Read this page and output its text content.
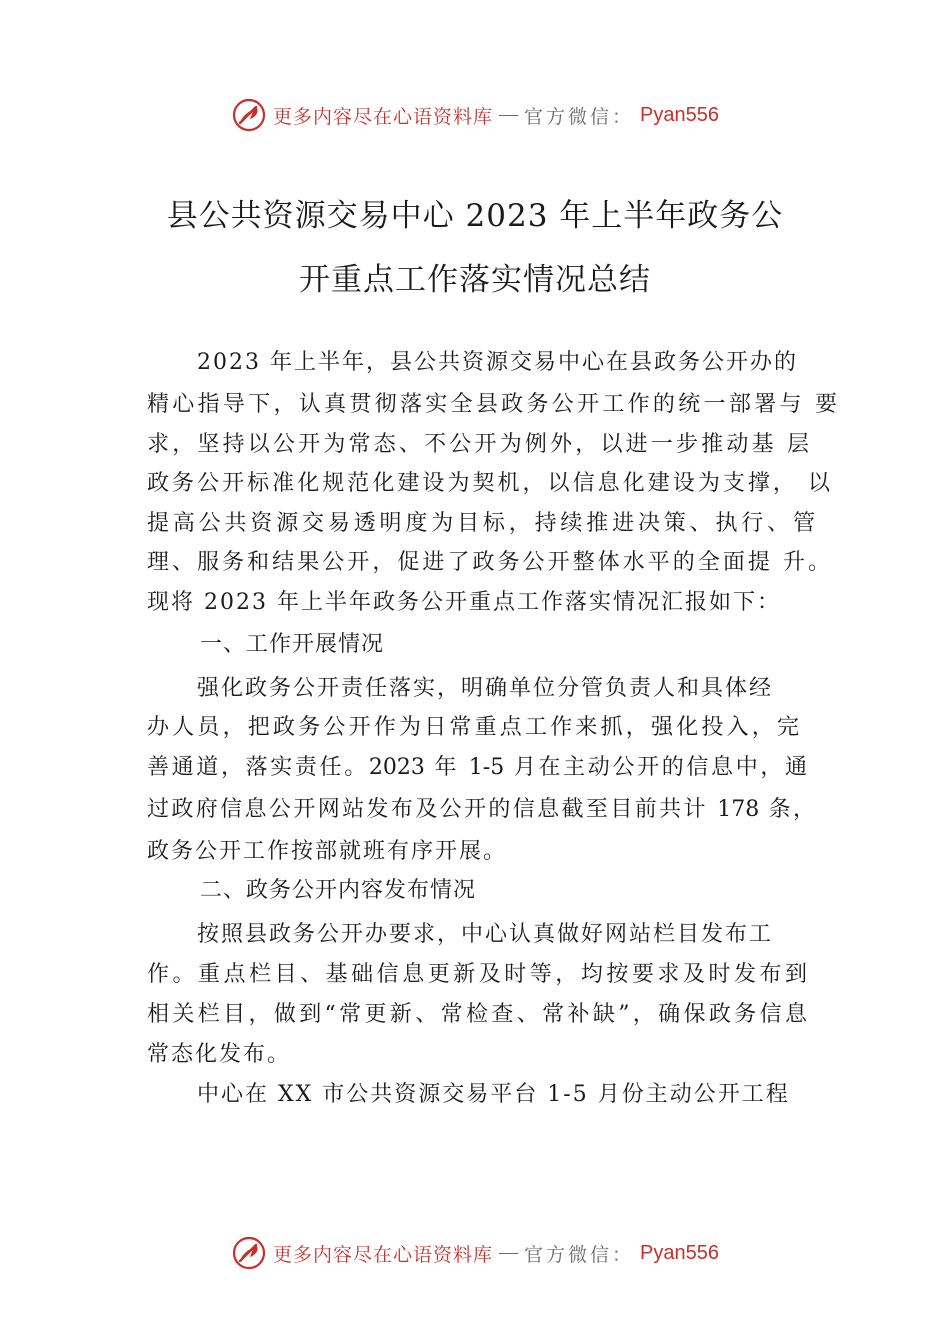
更多内容尽在心语资料库 — 官方微信： Pyan556
县公共资源交易中心 2023 年上半年政务公
开重点工作落实情况总结
2023 年上半年，县公共资源交易中心在县政务公开办的
精心指导下，认真贯彻落实全县政务公开工作的统一部署与 要
求，坚持以公开为常态、不公开为例外，以进一步推动基 层
政务公开标准化规范化建设为契机，以信息化建设为支撑， 以
提高公共资源交易透明度为目标，持续推进决策、执行、管
理、服务和结果公开，促进了政务公开整体水平的全面提 升。
现将 2023 年上半年政务公开重点工作落实情况汇报如下：
一、工作开展情况
强化政务公开责任落实，明确单位分管负责人和具体经
办人员，把政务公开作为日常重点工作来抓，强化投入，完
善通道，落实责任。2023 年 1-5 月在主动公开的信息中，通
过政府信息公开网站发布及公开的信息截至目前共计 178 条，
政务公开工作按部就班有序开展。
二、政务公开内容发布情况
按照县政务公开办要求，中心认真做好网站栏目发布工
作。重点栏目、基础信息更新及时等，均按要求及时发布到
相关栏目，做到“常更新、常检查、常补缺”，确保政务信息
常态化发布。
中心在 XX 市公共资源交易平台 1-5 月份主动公开工程
更多内容尽在心语资料库 — 官方微信： Pyan556
